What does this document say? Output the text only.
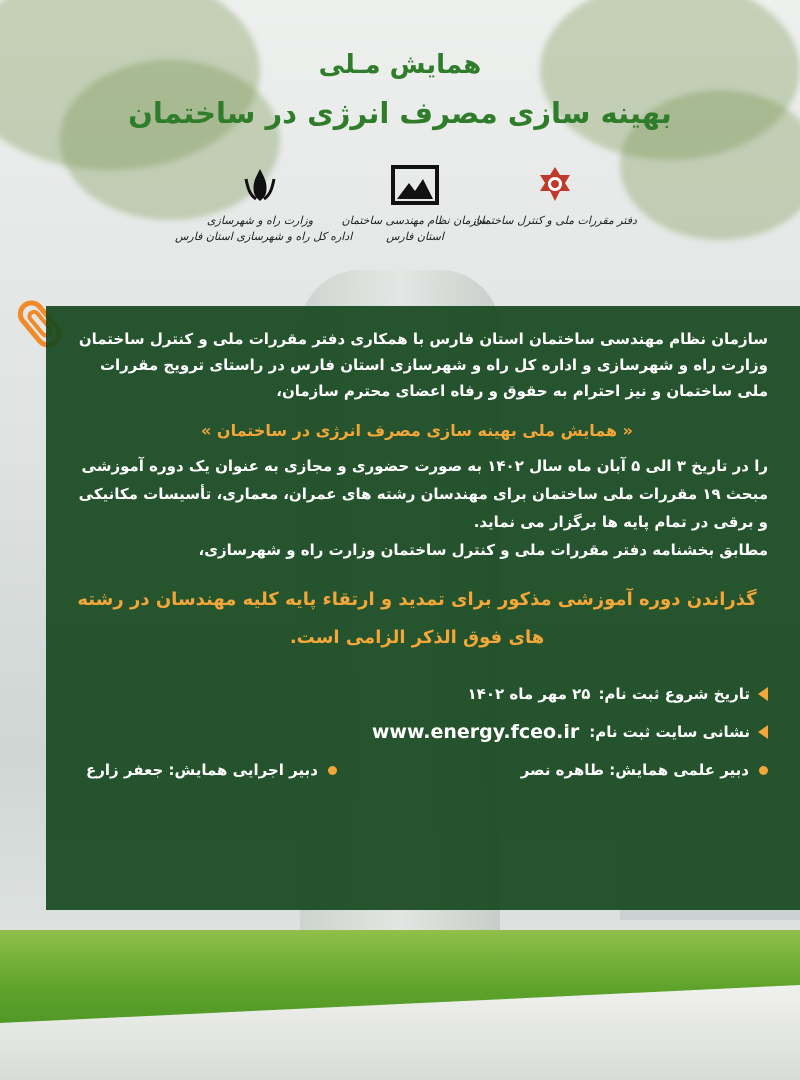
همایش مـلی
بهینه سازی مصرف انرژی در ساختمان
دفتر مقررات ملی و کنترل ساختمان
سازمان نظام مهندسی ساختمان
استان فارس
وزارت راه و شهرسازی
اداره کل راه و شهرسازی استان فارس
سازمان نظام مهندسی ساختمان استان فارس با همکاری دفتر مقررات ملی و کنترل ساختمان وزارت راه و شهرسازی و اداره کل راه و شهرسازی استان فارس در راستای ترویج مقررات ملی ساختمان و نیز احترام به حقوق و رفاه اعضای محترم سازمان،
« همایش ملی بهینه سازی مصرف انرژی در ساختمان »
را در تاریخ ۳ الی ۵ آبان ماه سال ۱۴۰۲ به صورت حضوری و مجازی به عنوان یک دوره آموزشی مبحث ۱۹ مقررات ملی ساختمان برای مهندسان رشته های عمران، معماری، تأسیسات مکانیکی و برقی در تمام پایه ها برگزار می نماید.
مطابق بخشنامه دفتر مقررات ملی و کنترل ساختمان وزارت راه و شهرسازی،
گذراندن دوره آموزشی مذکور برای تمدید و ارتقاء پایه کلیه مهندسان در رشته های فوق الذکر الزامی است.
تاریخ شروع ثبت نام:
۲۵ مهر ماه ۱۴۰۲
نشانی سایت ثبت نام:
www.energy.fceo.ir
دبیر علمی همایش: طاهره نصر
دبیر اجرایی همایش: جعفر زارع
